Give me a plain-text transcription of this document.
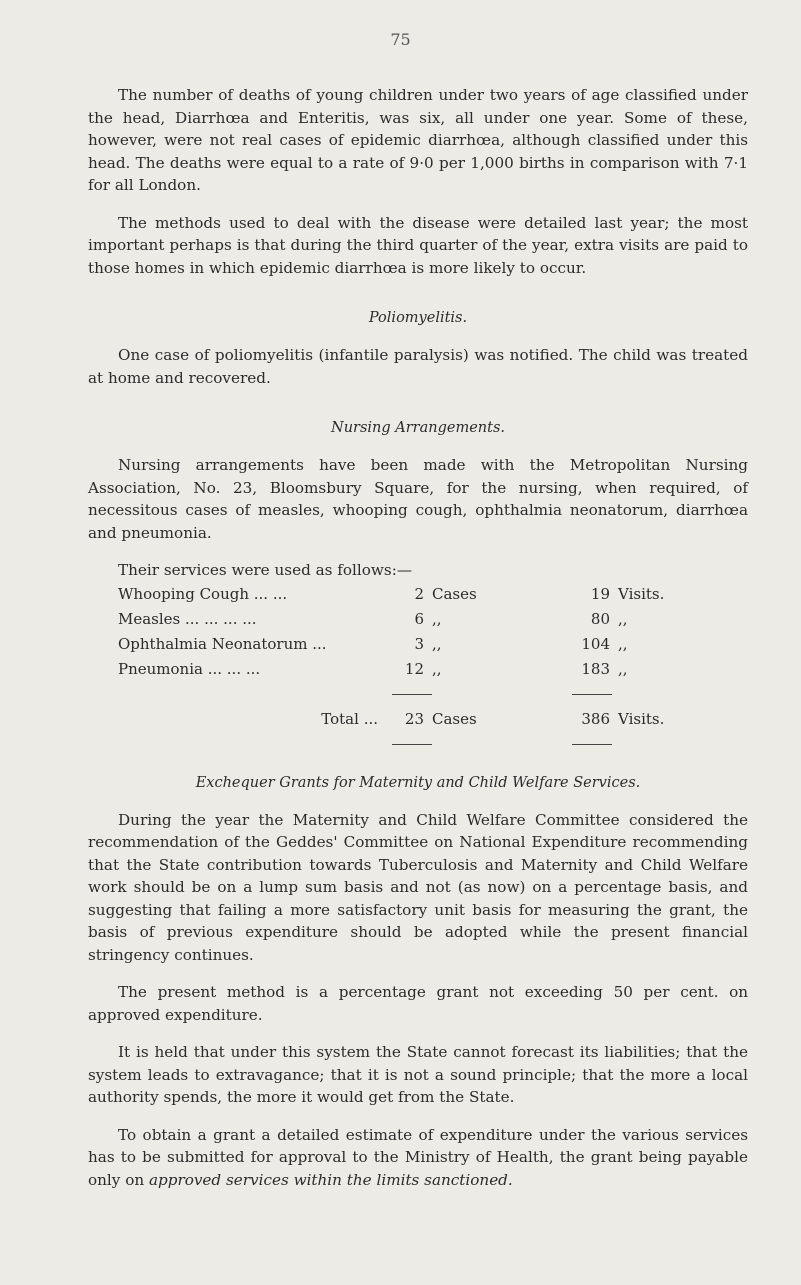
75

The number of deaths of young children under two years of age classified under the head, Diarrhœa and Enteritis, was six, all under one year. Some of these, however, were not real cases of epidemic diarrhœa, although classified under this head. The deaths were equal to a rate of 9·0 per 1,000 births in comparison with 7·1 for all London.

The methods used to deal with the disease were detailed last year; the most important perhaps is that during the third quarter of the year, extra visits are paid to those homes in which epidemic diarrhœa is more likely to occur.

Poliomyelitis.

One case of poliomyelitis (infantile paralysis) was notified. The child was treated at home and recovered.

Nursing Arrangements.

Nursing arrangements have been made with the Metropolitan Nursing Association, No. 23, Bloomsbury Square, for the nursing, when required, of necessitous cases of measles, whooping cough, ophthalmia neonatorum, diarrhœa and pneumonia.

Their services were used as follows:—

Whooping Cough ... ...	2	Cases	19	Visits.
Measles ... ... ... ...	6	,,	80	,,
Ophthalmia Neonatorum ...	3	,,	104	,,
Pneumonia ... ... ...	12	,,	183	,,

Total ...	23	Cases	386	Visits.

Exchequer Grants for Maternity and Child Welfare Services.

During the year the Maternity and Child Welfare Committee considered the recommendation of the Geddes' Committee on National Expenditure recommending that the State contribution towards Tuberculosis and Maternity and Child Welfare work should be on a lump sum basis and not (as now) on a percentage basis, and suggesting that failing a more satisfactory unit basis for measuring the grant, the basis of previous expenditure should be adopted while the present financial stringency continues.

The present method is a percentage grant not exceeding 50 per cent. on approved expenditure.

It is held that under this system the State cannot forecast its liabilities; that the system leads to extravagance; that it is not a sound principle; that the more a local authority spends, the more it would get from the State.

To obtain a grant a detailed estimate of expenditure under the various services has to be submitted for approval to the Ministry of Health, the grant being payable only on approved services within the limits sanctioned.
